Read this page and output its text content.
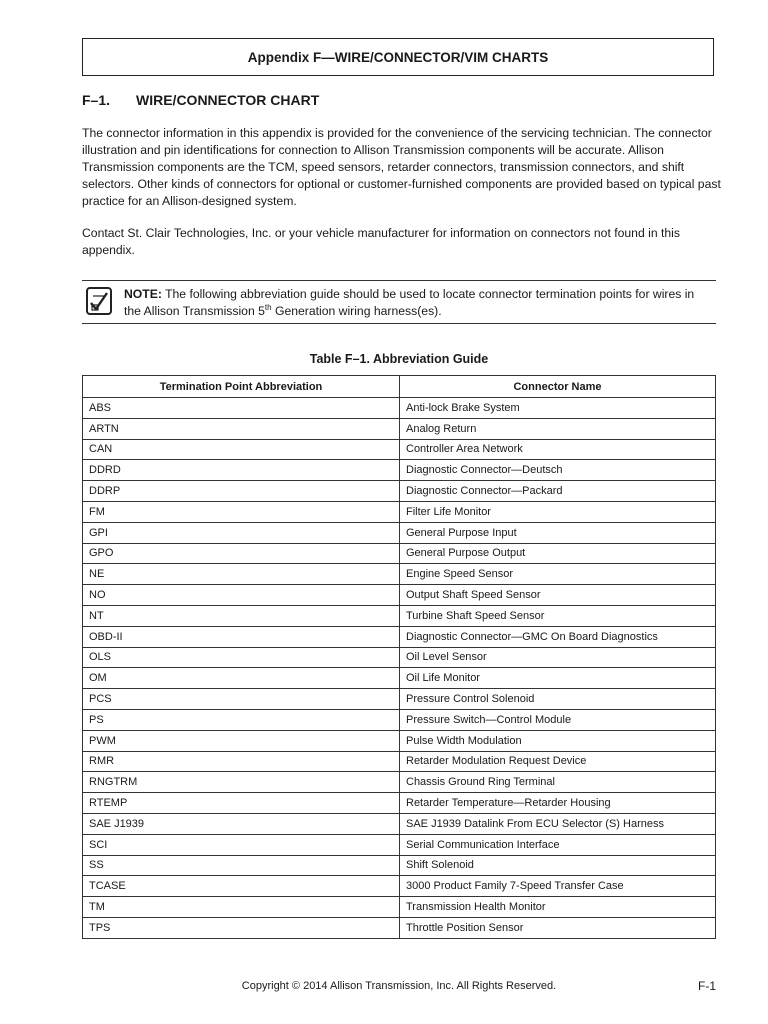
Appendix F—WIRE/CONNECTOR/VIM CHARTS
F–1.	WIRE/CONNECTOR CHART

The connector information in this appendix is provided for the convenience of the servicing technician. The connector illustration and pin identifications for connection to Allison Transmission components will be accurate. Allison Transmission components are the TCM, speed sensors, retarder connectors, transmission connectors, and shift selectors. Other kinds of connectors for optional or customer-furnished components are provided based on typical past practice for an Allison-designed system.

Contact St. Clair Technologies, Inc. or your vehicle manufacturer for information on connectors not found in this appendix.

NOTE: The following abbreviation guide should be used to locate connector termination points for wires in the Allison Transmission 5th Generation wiring harness(es).
Table F–1. Abbreviation Guide
Termination Point Abbreviation	Connector Name
ABS	Anti-lock Brake System
ARTN	Analog Return
CAN	Controller Area Network
DDRD	Diagnostic Connector—Deutsch
DDRP	Diagnostic Connector—Packard
FM	Filter Life Monitor
GPI	General Purpose Input
GPO	General Purpose Output
NE	Engine Speed Sensor
NO	Output Shaft Speed Sensor
NT	Turbine Shaft Speed Sensor
OBD-II	Diagnostic Connector—GMC On Board Diagnostics
OLS	Oil Level Sensor
OM	Oil Life Monitor
PCS	Pressure Control Solenoid
PS	Pressure Switch—Control Module
PWM	Pulse Width Modulation
RMR	Retarder Modulation Request Device
RNGTRM	Chassis Ground Ring Terminal
RTEMP	Retarder Temperature—Retarder Housing
SAE J1939	SAE J1939 Datalink From ECU Selector (S) Harness
SCI	Serial Communication Interface
SS	Shift Solenoid
TCASE	3000 Product Family 7-Speed Transfer Case
TM	Transmission Health Monitor
TPS	Throttle Position Sensor
Copyright © 2014 Allison Transmission, Inc. All Rights Reserved.	F-1
